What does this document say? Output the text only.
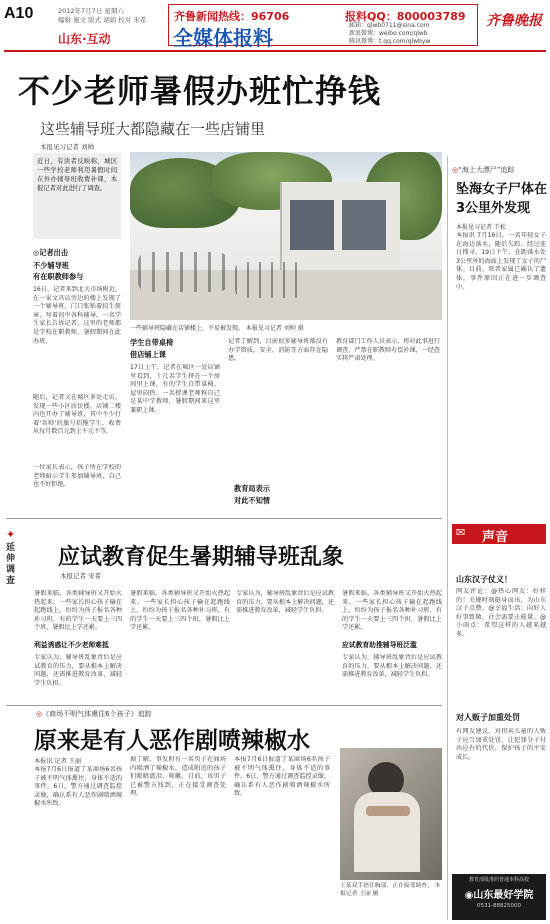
A10	2012年7月7日 星期六
编辑 施文 版式 胡娟 校对 宋希
山东·互动
齐鲁新闻热线：96706
全媒体报料
报料QQ：800003789
邮箱：qlwb0711@sina.com
新浪微博：weibo.com/qlwb
腾讯微博：t.qq.com/qlwbyw
齐鲁晚报
不少老师暑假办班忙挣钱
这些辅导班大都隐藏在一些店铺里
本报见习记者 刘帅
近日，有读者反映称，城区一些学校老师利用暑假时间在外办辅导班收费补课，本报记者对此进行了调查。
◎记者出击
不少辅导班
有在职教师参与
16日，记者来到北关市场附近，在一家文具店旁边的楼上发现了一个辅导班，门口张贴着招生简章，写着初中各科辅导。一名学生家长告诉记者，这里的老师都是学校在职教师，暑假期间在此办班。
随后，记者又在城区多处走访，发现一些小区居民楼、店铺二楼内也开办了辅导班，其中不少打着'名师'的旗号招揽学生，收费从每月数百元到上千元不等。
一位家长表示，孩子所在学校的老师暗示学生参加辅导班，自己也不好拒绝。
一些辅导班隐藏在店铺楼上，不易被发现。 本报见习记者 刘帅 摄
学生自带桌椅
借店铺上课
17日上午，记者在城区一处店铺里看到，十几名学生挤在一个房间里上课，有的学生自带桌椅，屋里闷热。一名授课老师称自己是某中学教师，暑假期间来这里兼职上课。
记者了解到，目前很多辅导班都没有办学资质，安全、消防等方面存在隐患。
教育局表示
对此不知情
教育部门工作人员表示，将对此事进行调查，严禁在职教师有偿补课，一经查实将严肃处理。
✦
延伸调查
应试教育促生暑期辅导班乱象
本报记者 宋希
暑假来临，各类辅导班又开始火热起来。一些家长担心孩子输在起跑线上，纷纷为孩子报名各种补习班，有的学生一天要上三四个班，暑假比上学还累。
利益诱惑让不少老师难抵
专家认为，辅导班乱象背后是应试教育的压力，要从根本上解决问题，还需推进教育改革，减轻学生负担。
暑假来临，各类辅导班又开始火热起来。一些家长担心孩子输在起跑线上，纷纷为孩子报名各种补习班，有的学生一天要上三四个班，暑假比上学还累。
专家认为，辅导班乱象背后是应试教育的压力，要从根本上解决问题，还需推进教育改革，减轻学生负担。
应试教育助推辅导班泛滥
暑假来临，各类辅导班又开始火热起来。一些家长担心孩子输在起跑线上，纷纷为孩子报名各种补习班，有的学生一天要上三四个班，暑假比上学还累。
专家认为，辅导班乱象背后是应试教育的压力，要从根本上解决问题，还需推进教育改革，减轻学生负担。
◎《商场不明气体熏住6个孩子》追踪
原来是有人恶作剧喷辣椒水
本报讯 记者 王丽
本报7月6日报道了某商场6名孩子被不明气体熏住，身体不适的事件。6日，警方通过调查监控录像，确认系有人恶作剧喷洒辣椒水所致。
据了解，事发时有一名男子在商场内喷洒了辣椒水，造成附近的孩子们眼睛流泪、咳嗽。目前，该男子已被警方找到，正在接受调查处理。
本报7月6日报道了某商场6名孩子被不明气体熏住，身体不适的事件。6日，警方通过调查监控录像，确认系有人恶作剧喷洒辣椒水所致。
王某双手捂住胸部，正在接受调查。 本报记者 王丽 摄
◎“海上大漂尸”追踪
坠海女子尸体在3公里外发现
本报见习记者 王松
本报讯 7月16日，一名年轻女子在海边落水，随后失踪。经过连日搜寻，19日下午，在距落水处3公里外的海面上发现了女子的尸体。目前，死者家属已确认了遗体，事件原因正在进一步调查中。
✉ 声音
山东汉子仗义！
网友评论：@热心网友：好样的！关键时刻挺身而出，为山东汉子点赞。@幸福生活：向好人好事致敬，社会需要正能量。@小雨点：希望这样的人越来越多。
对人贩子加重处罚
有网友建议，对拐卖儿童的人贩子应当加重处罚，让犯罪分子付出应有的代价，保护孩子的平安成长。
教育部批准的普通本科高校
◉山东最好学院
0531-88825000
